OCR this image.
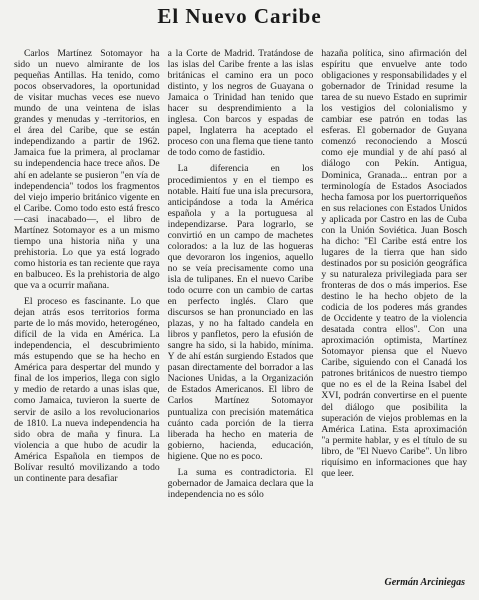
El Nuevo Caribe

Carlos Martínez Sotomayor ha sido un nuevo almirante de los pequeñas Antillas. Ha tenido, como pocos observadores, la oportunidad de visitar muchas veces ese nuevo mundo de una veintena de islas grandes y menudas y -territorios, en el área del Caribe, que se están independizando a partir de 1962. Jamaica fue la primera, al proclamar su independencia hace trece años. De ahí en adelante se pusieron "en vía de independencia" todos los fragmentos del viejo imperio británico vigente en el Caribe. Como todo esto está fresco —casi inacabado—, el libro de Martínez Sotomayor es a un mismo tiempo una historia niña y una prehistoria. Lo que ya está logrado como historia es tan reciente que raya en balbuceo. Es la prehistoria de algo que va a ocurrir mañana.

El proceso es fascinante. Lo que dejan atrás esos territorios forma parte de lo más movido, heterogéneo, difícil de la vida en América. La independencia, el descubrimiento más estupendo que se ha hecho en América para despertar del mundo y final de los imperios, llega con siglo y medio de retardo a unas islas que, como Jamaica, tuvieron la suerte de servir de asilo a los revolucionarios de 1810. La nueva independencia ha sido obra de maña y finura. La violencia a que hubo de acudir la América Española en tiempos de Bolívar resultó movilizando a todo un continente para desafiar

a la Corte de Madrid. Tratándose de las islas del Caribe frente a las islas británicas el camino era un poco distinto, y los negros de Guayana o Jamaica o Trinidad han tenido que hacer su desprendimiento a la inglesa. Con barcos y espadas de papel, Inglaterra ha aceptado el proceso con una flema que tiene tanto de todo como de fastidio.

La diferencia en los procedimientos y en el tiempo es notable. Haití fue una isla precursora, anticipándose a toda la América española y a la portuguesa al independizarse. Para lograrlo, se convirtió en un campo de machetes colorados: a la luz de las hogueras que devoraron los ingenios, aquello no se veía precisamente como una isla de tulipanes. En el nuevo Caribe todo ocurre con un cambio de cartas en perfecto inglés. Claro que discursos se han pronunciado en las plazas, y no ha faltado candela en libros y panfletos, pero la efusión de sangre ha sido, si la habido, mínima. Y de ahí están surgiendo Estados que pasan directamente del borrador a las Naciones Unidas, a la Organización de Estados Americanos. El libro de Carlos Martínez Sotomayor puntualiza con precisión matemática cuánto cada porción de la tierra liberada ha hecho en materia de gobierno, hacienda, educación, higiene. Que no es poco.

La suma es contradictoria. El gobernador de Jamaica declara que la independencia no es sólo

hazaña política, sino afirmación del espíritu que envuelve ante todo obligaciones y responsabilidades y el gobernador de Trinidad resume la tarea de su nuevo Estado en suprimir los vestigios del colonialismo y cambiar ese patrón en todas las esferas. El gobernador de Guyana comenzó reconociendo a Moscú como eje mundial y de ahí pasó al diálogo con Pekín. Antigua, Dominica, Granada... entran por a terminología de Estados Asociados hecha famosa por los puertorriqueños en sus relaciones con Estados Unidos y aplicada por Castro en las de Cuba con la Unión Soviética. Juan Bosch ha dicho: "El Caribe está entre los lugares de la tierra que han sido destinados por su posición geográfica y su naturaleza privilegiada para ser fronteras de dos o más imperios. Ese destino le ha hecho objeto de la codicia de los poderes más grandes de Occidente y teatro de la violencia desatada contra ellos". Con una aproximación optimista, Martínez Sotomayor piensa que el Nuevo Caribe, siguiendo con el Canadá los patrones británicos de nuestro tiempo que no es el de la Reina Isabel del XVI, podrán convertirse en el puente del diálogo que posibilita la superación de viejos problemas en la América Latina. Esta aproximación "a permite hablar, y es el título de su libro, de "El Nuevo Caribe". Un libro riquísimo en informaciones que hay que leer.

Germán Arciniegas
